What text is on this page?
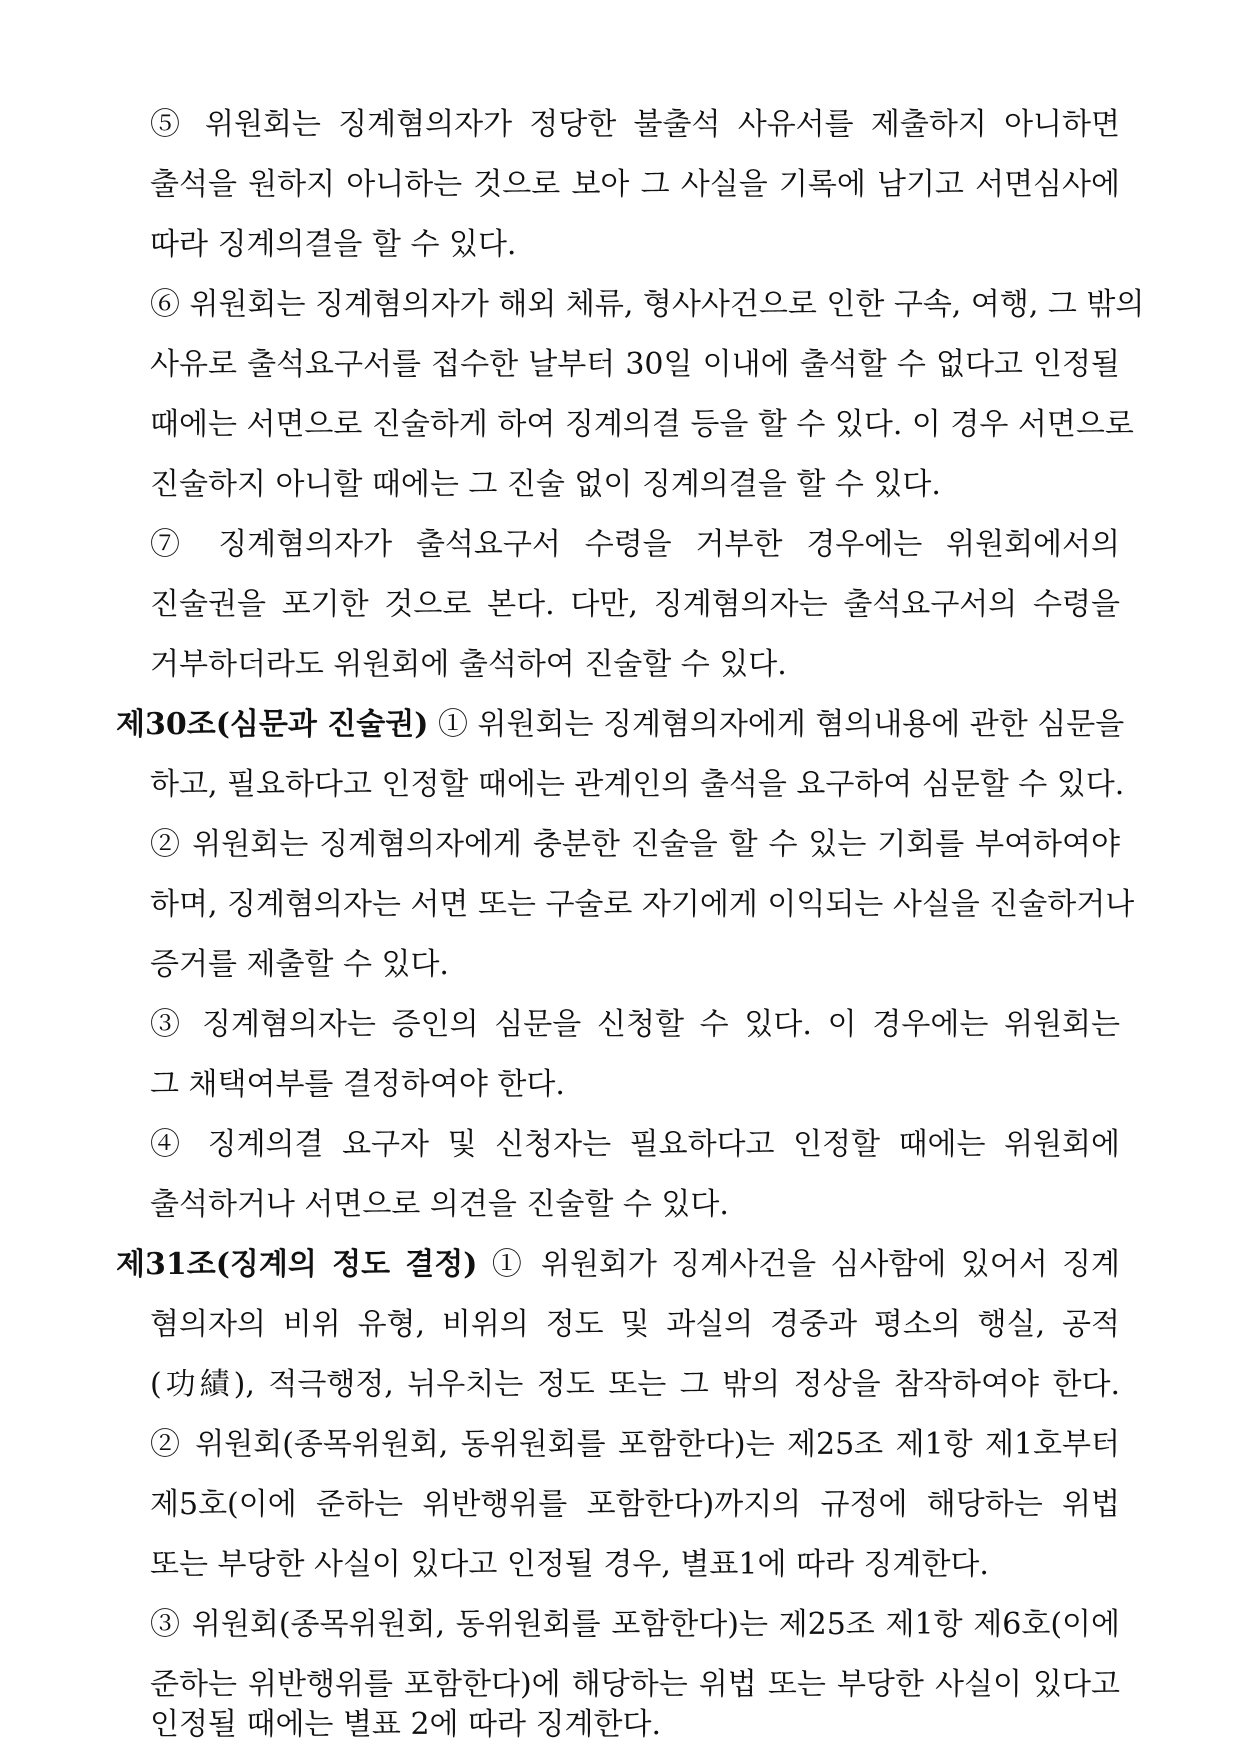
⑤ 위원회는 징계혐의자가 정당한 불출석 사유서를 제출하지 아니하면
출석을 원하지 아니하는 것으로 보아 그 사실을 기록에 남기고 서면심사에
따라 징계의결을 할 수 있다.
⑥ 위원회는 징계혐의자가 해외 체류, 형사사건으로 인한 구속, 여행, 그 밖의
사유로 출석요구서를 접수한 날부터 30일 이내에 출석할 수 없다고 인정될
때에는 서면으로 진술하게 하여 징계의결 등을 할 수 있다. 이 경우 서면으로
진술하지 아니할 때에는 그 진술 없이 징계의결을 할 수 있다.
⑦ 징계혐의자가 출석요구서 수령을 거부한 경우에는 위원회에서의
진술권을 포기한 것으로 본다. 다만, 징계혐의자는 출석요구서의 수령을
거부하더라도 위원회에 출석하여 진술할 수 있다.
제30조(심문과 진술권) ① 위원회는 징계혐의자에게 혐의내용에 관한 심문을
하고, 필요하다고 인정할 때에는 관계인의 출석을 요구하여 심문할 수 있다.
② 위원회는 징계혐의자에게 충분한 진술을 할 수 있는 기회를 부여하여야
하며, 징계혐의자는 서면 또는 구술로 자기에게 이익되는 사실을 진술하거나
증거를 제출할 수 있다.
③ 징계혐의자는 증인의 심문을 신청할 수 있다. 이 경우에는 위원회는
그 채택여부를 결정하여야 한다.
④ 징계의결 요구자 및 신청자는 필요하다고 인정할 때에는 위원회에
출석하거나 서면으로 의견을 진술할 수 있다.
제31조(징계의 정도 결정) ① 위원회가 징계사건을 심사함에 있어서 징계
혐의자의 비위 유형, 비위의 정도 및 과실의 경중과 평소의 행실, 공적
(功績), 적극행정, 뉘우치는 정도 또는 그 밖의 정상을 참작하여야 한다.
② 위원회(종목위원회, 동위원회를 포함한다)는 제25조 제1항 제1호부터
제5호(이에 준하는 위반행위를 포함한다)까지의 규정에 해당하는 위법
또는 부당한 사실이 있다고 인정될 경우, 별표1에 따라 징계한다.
③ 위원회(종목위원회, 동위원회를 포함한다)는 제25조 제1항 제6호(이에
준하는 위반행위를 포함한다)에 해당하는 위법 또는 부당한 사실이 있다고
인정될 때에는 별표 2에 따라 징계한다.
